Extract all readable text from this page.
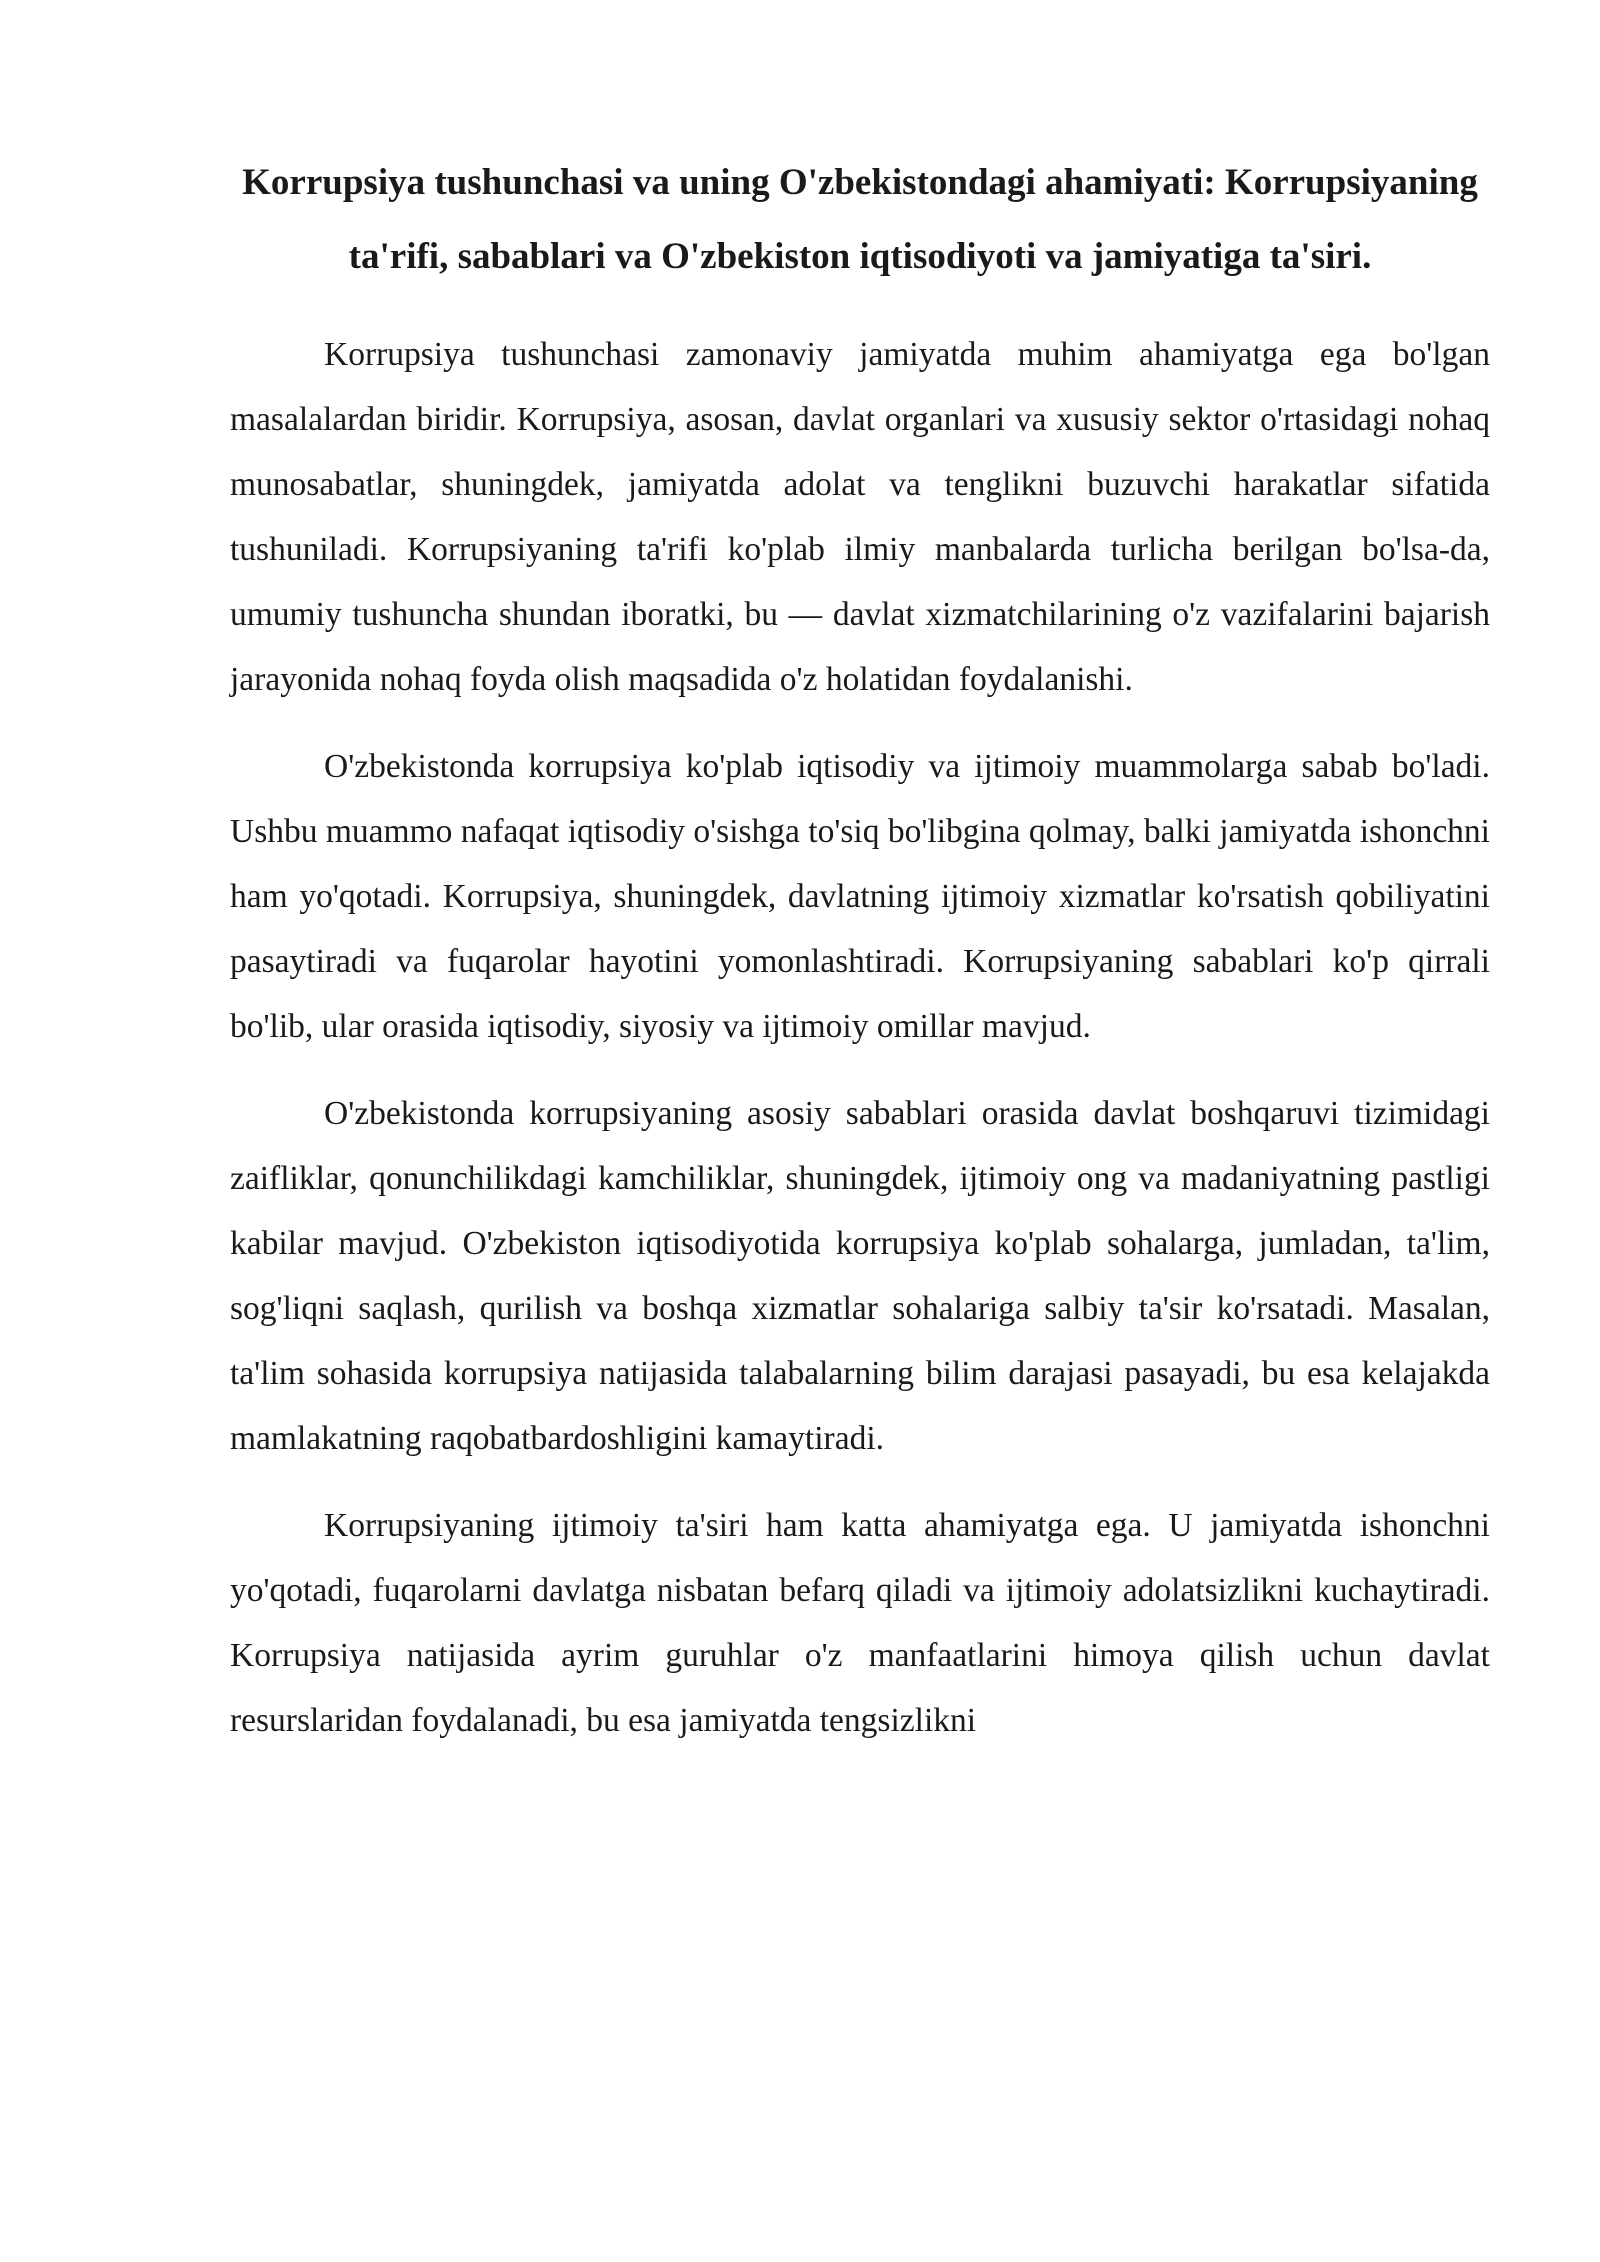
Korrupsiya tushunchasi va uning O'zbekistondagi ahamiyati: Korrupsiyaning ta'rifi, sabablari va O'zbekiston iqtisodiyoti va jamiyatiga ta'siri.

Korrupsiya tushunchasi zamonaviy jamiyatda muhim ahamiyatga ega bo'lgan masalalardan biridir. Korrupsiya, asosan, davlat organlari va xususiy sektor o'rtasidagi nohaq munosabatlar, shuningdek, jamiyatda adolat va tenglikni buzuvchi harakatlar sifatida tushuniladi. Korrupsiyaning ta'rifi ko'plab ilmiy manbalarda turlicha berilgan bo'lsa-da, umumiy tushuncha shundan iboratki, bu — davlat xizmatchilarining o'z vazifalarini bajarish jarayonida nohaq foyda olish maqsadida o'z holatidan foydalanishi.

O'zbekistonda korrupsiya ko'plab iqtisodiy va ijtimoiy muammolarga sabab bo'ladi. Ushbu muammo nafaqat iqtisodiy o'sishga to'siq bo'libgina qolmay, balki jamiyatda ishonchni ham yo'qotadi. Korrupsiya, shuningdek, davlatning ijtimoiy xizmatlar ko'rsatish qobiliyatini pasaytiradi va fuqarolar hayotini yomonlashtiradi. Korrupsiyaning sabablari ko'p qirrali bo'lib, ular orasida iqtisodiy, siyosiy va ijtimoiy omillar mavjud.

O'zbekistonda korrupsiyaning asosiy sabablari orasida davlat boshqaruvi tizimidagi zaifliklar, qonunchilikdagi kamchiliklar, shuningdek, ijtimoiy ong va madaniyatning pastligi kabilar mavjud. O'zbekiston iqtisodiyotida korrupsiya ko'plab sohalarga, jumladan, ta'lim, sog'liqni saqlash, qurilish va boshqa xizmatlar sohalariga salbiy ta'sir ko'rsatadi. Masalan, ta'lim sohasida korrupsiya natijasida talabalarning bilim darajasi pasayadi, bu esa kelajakda mamlakatning raqobatbardoshligini kamaytiradi.

Korrupsiyaning ijtimoiy ta'siri ham katta ahamiyatga ega. U jamiyatda ishonchni yo'qotadi, fuqarolarni davlatga nisbatan befarq qiladi va ijtimoiy adolatsizlikni kuchaytiradi. Korrupsiya natijasida ayrim guruhlar o'z manfaatlarini himoya qilish uchun davlat resurslaridan foydalanadi, bu esa jamiyatda tengsizlikni
